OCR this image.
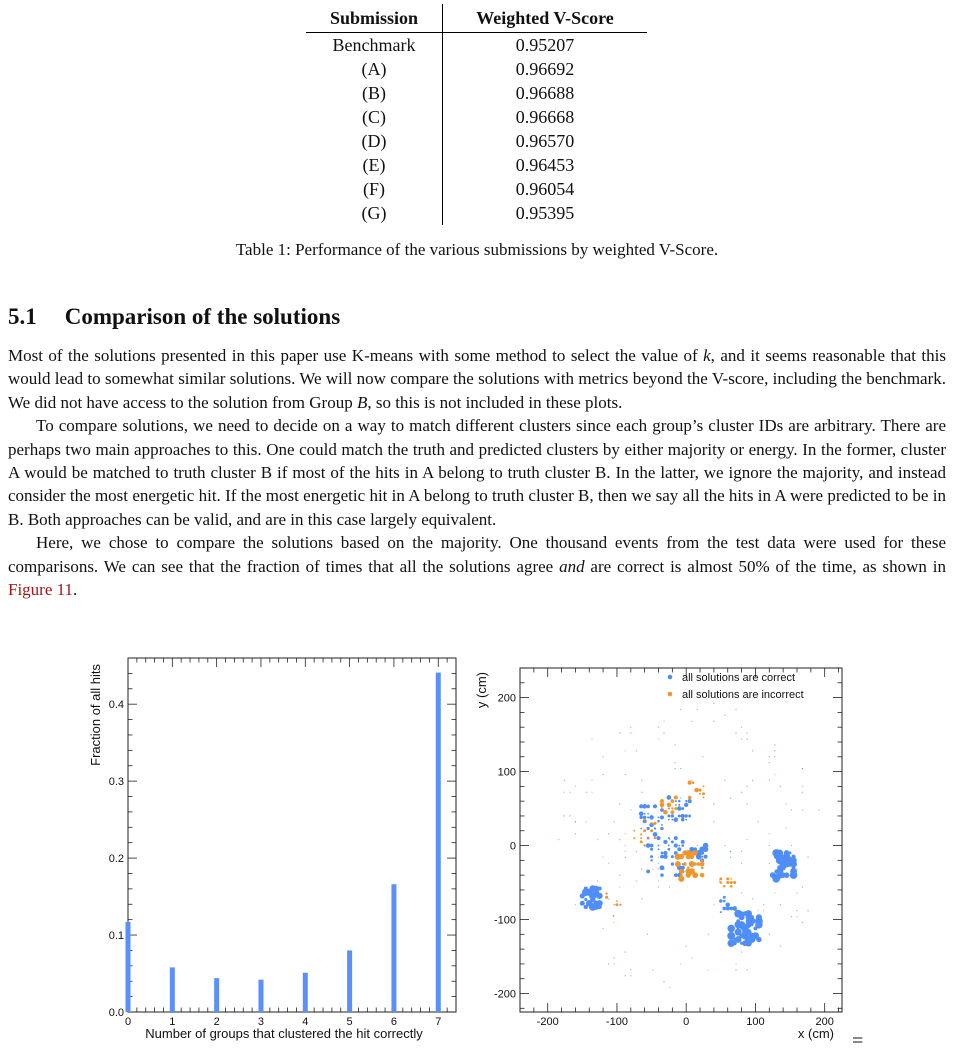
Submission	Weighted V-Score
Benchmark	0.95207
(A)	0.96692
(B)	0.96688
(C)	0.96668
(D)	0.96570
(E)	0.96453
(F)	0.96054
(G)	0.95395
Table 1: Performance of the various submissions by weighted V-Score.
5.1 Comparison of the solutions

Most of the solutions presented in this paper use K-means with some method to select the value of k, and it seems reasonable that this would lead to somewhat similar solutions. We will now compare the solutions with metrics beyond the V-score, including the benchmark. We did not have access to the solution from Group B, so this is not included in these plots.

To compare solutions, we need to decide on a way to match different clusters since each group’s cluster IDs are arbitrary. There are perhaps two main approaches to this. One could match the truth and predicted clusters by either majority or energy. In the former, cluster A would be matched to truth cluster B if most of the hits in A belong to truth cluster B. In the latter, we ignore the majority, and instead consider the most energetic hit. If the most energetic hit in A belong to truth cluster B, then we say all the hits in A were predicted to be in B. Both approaches can be valid, and are in this case largely equivalent.

Here, we chose to compare the solutions based on the majority. One thousand events from the test data were used for these comparisons. We can see that the fraction of times that all the solutions agree and are correct is almost 50% of the time, as shown in Figure 11.

0.0
0.1
0.2
0.3
0.4
0	1	2	3	4	5	6	7
Number of groups that clustered the hit correctly
Fraction of all hits
-200	-100	0	100	200
-200
-100
0
100
200
x (cm)
y (cm)	all solutions are correct
all solutions are incorrect
=
